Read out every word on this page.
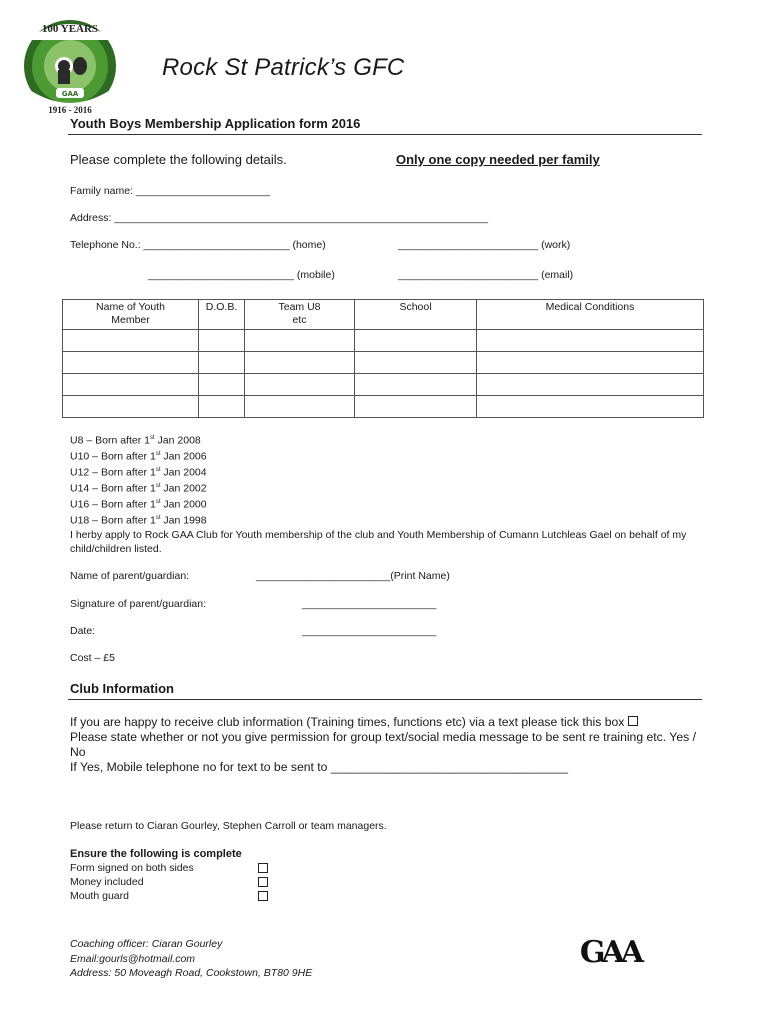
100 YEARS
GAA
1916 - 2016
Rock St Patrick’s GFC
Youth Boys Membership Application form 2016
Please complete the following details.	Only one copy needed per family
Family name: _______________________
Address: ________________________________________________________________
Telephone No.: _________________________ (home)	________________________ (work)
_________________________ (mobile)	________________________ (email)
Name of Youth Member	D.O.B.	Team U8 etc	School	Medical Conditions

U8 – Born after 1st Jan 2008
U10 – Born after 1st Jan 2006
U12 – Born after 1st Jan 2004
U14 – Born after 1st Jan 2002
U16 – Born after 1st Jan 2000
U18 – Born after 1st Jan 1998
I herby apply to Rock GAA Club for Youth membership of the club and Youth Membership of Cumann Lutchleas Gael on behalf of my child/children listed.
Name of parent/guardian:	_______________________(Print Name)
Signature of parent/guardian:	_______________________
Date:	_______________________
Cost – £5
Club Information
If you are happy to receive club information (Training times, functions etc) via a text please tick this box
Please state whether or not you give permission for group text/social media message to be sent re training etc. Yes / No
If Yes, Mobile telephone no for text to be sent to ___________________________________
Please return to Ciaran Gourley, Stephen Carroll or team managers.
Ensure the following is complete
Form signed on both sides
Money included
Mouth guard
Coaching officer: Ciaran Gourley
Email:gourls@hotmail.com
Address: 50 Moveagh Road, Cookstown, BT80 9HE
GAA
